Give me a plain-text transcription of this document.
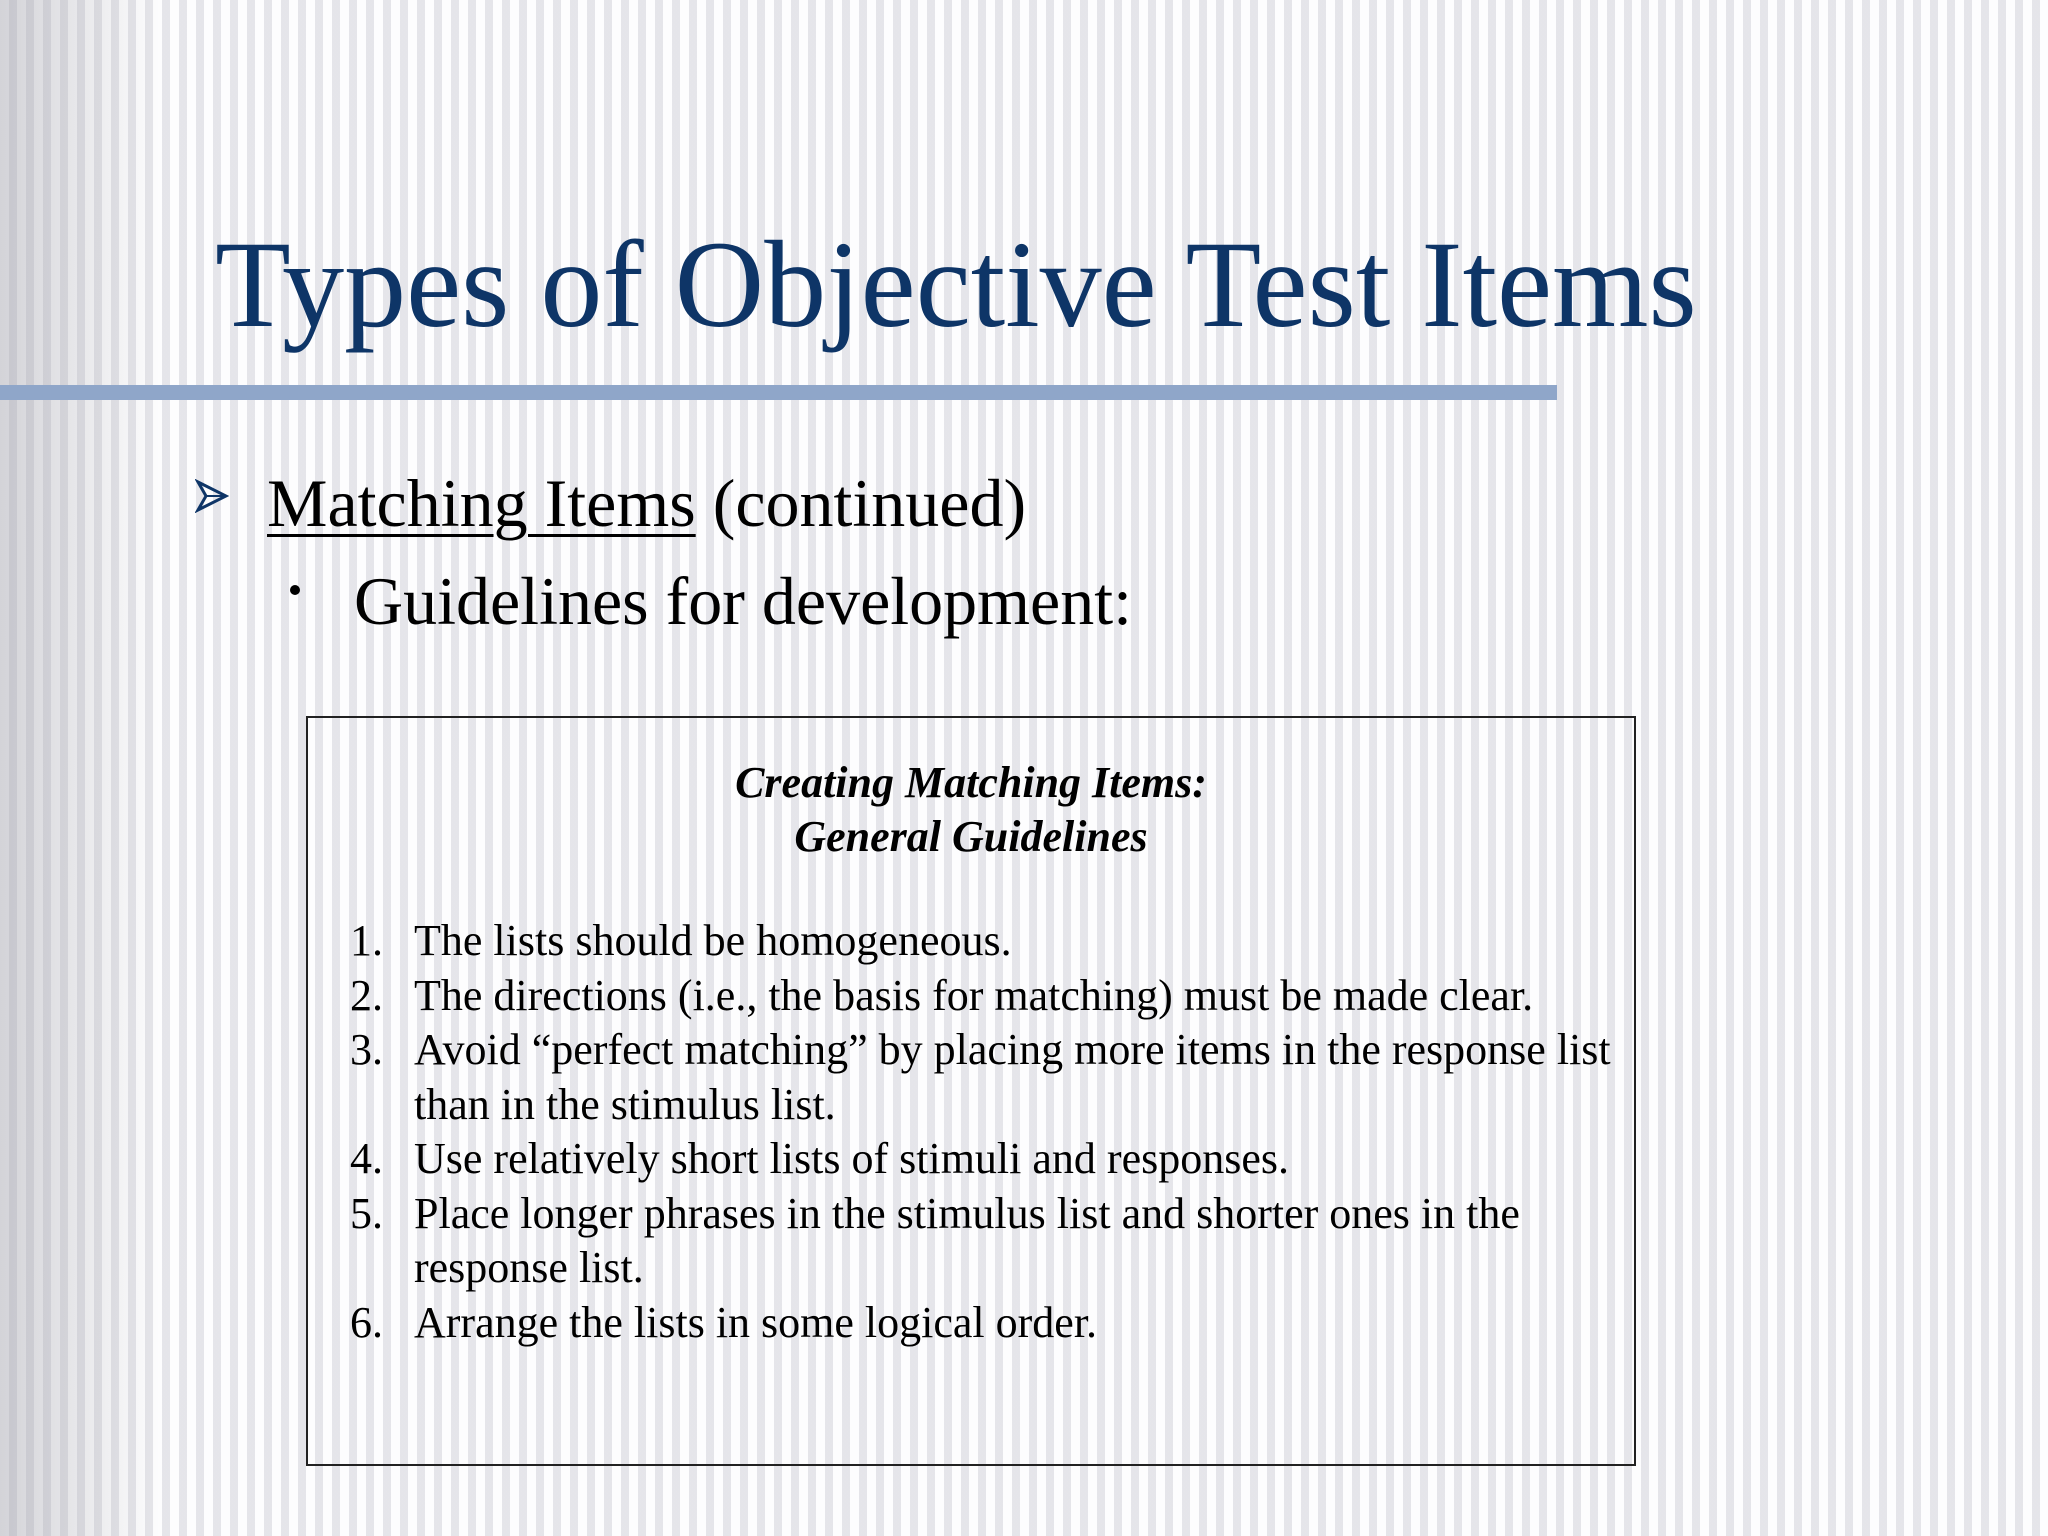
Types of Objective Test Items
Matching Items (continued)
Guidelines for development:
Creating Matching Items:
General Guidelines
1. The lists should be homogeneous.
2. The directions (i.e., the basis for matching) must be made clear.
3. Avoid “perfect matching” by placing more items in the response list than in the stimulus list.
4. Use relatively short lists of stimuli and responses.
5. Place longer phrases in the stimulus list and shorter ones in the response list.
6. Arrange the lists in some logical order.
